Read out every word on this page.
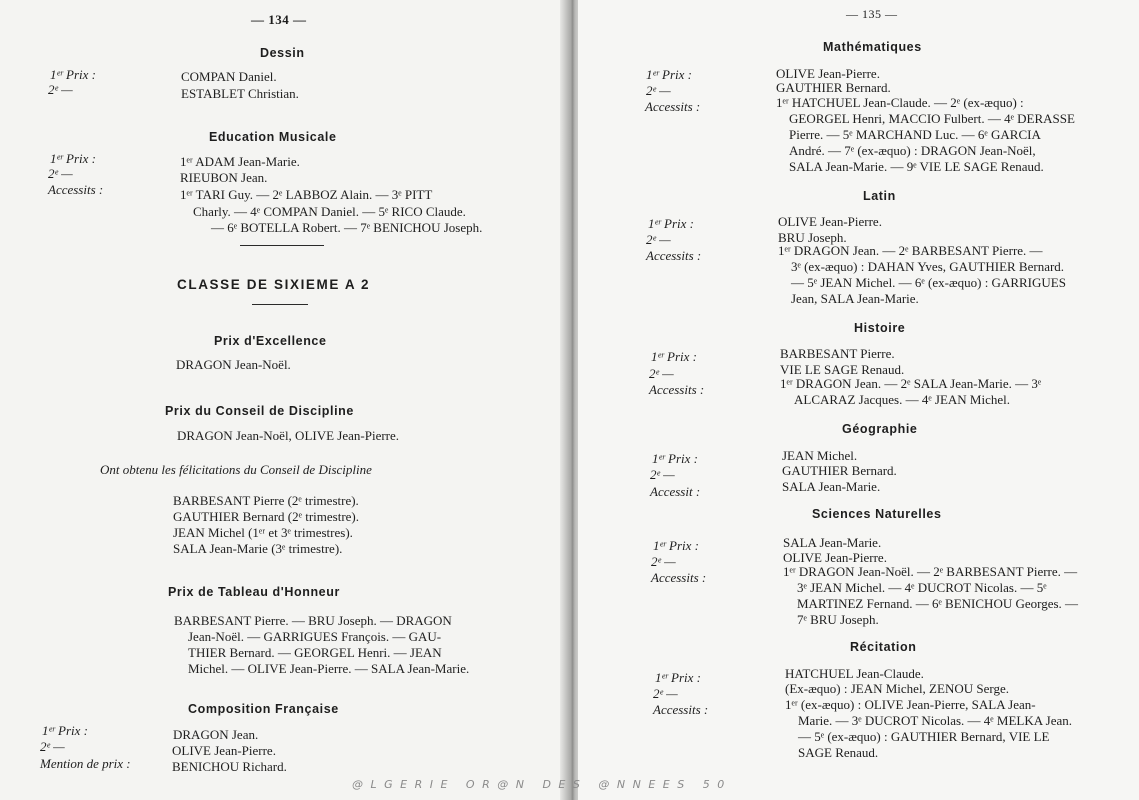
— 134 —
Dessin
1ᵉʳ Prix :	COMPAN Daniel.
2ᵉ —	ESTABLET Christian.
Education Musicale
1ᵉʳ Prix :	1ᵉʳ ADAM Jean-Marie.
2ᵉ —	RIEUBON Jean.
Accessits :	1ᵉʳ TARI Guy. — 2ᵉ LABBOZ Alain. — 3ᵉ PITT
Charly. — 4ᵉ COMPAN Daniel. — 5ᵉ RICO Claude.
— 6ᵉ BOTELLA Robert. — 7ᵉ BENICHOU Joseph.
CLASSE DE SIXIEME A 2
Prix d'Excellence
DRAGON Jean-Noël.
Prix du Conseil de Discipline
DRAGON Jean-Noël, OLIVE Jean-Pierre.
Ont obtenu les félicitations du Conseil de Discipline
BARBESANT Pierre (2ᵉ trimestre).
GAUTHIER Bernard (2ᵉ trimestre).
JEAN Michel (1ᵉʳ et 3ᵉ trimestres).
SALA Jean-Marie (3ᵉ trimestre).
Prix de Tableau d'Honneur
BARBESANT Pierre. — BRU Joseph. — DRAGON
Jean-Noël. — GARRIGUES François. — GAU-
THIER Bernard. — GEORGEL Henri. — JEAN
Michel. — OLIVE Jean-Pierre. — SALA Jean-Marie.
Composition Française
1ᵉʳ Prix :	DRAGON Jean.
2ᵉ —	OLIVE Jean-Pierre.
Mention de prix :	BENICHOU Richard.
— 135 —
Mathématiques
1ᵉʳ Prix :	OLIVE Jean-Pierre.
2ᵉ —	GAUTHIER Bernard.
Accessits :	1ᵉʳ HATCHUEL Jean-Claude. — 2ᵉ (ex-æquo) :
GEORGEL Henri, MACCIO Fulbert. — 4ᵉ DERASSE
Pierre. — 5ᵉ MARCHAND Luc. — 6ᵉ GARCIA
André. — 7ᵉ (ex-æquo) : DRAGON Jean-Noël,
SALA Jean-Marie. — 9ᵉ VIE LE SAGE Renaud.
Latin
1ᵉʳ Prix :	OLIVE Jean-Pierre.
2ᵉ —	BRU Joseph.
Accessits :	1ᵉʳ DRAGON Jean. — 2ᵉ BARBESANT Pierre. —
3ᵉ (ex-æquo) : DAHAN Yves, GAUTHIER Bernard.
— 5ᵉ JEAN Michel. — 6ᵉ (ex-æquo) : GARRIGUES
Jean, SALA Jean-Marie.
Histoire
1ᵉʳ Prix :	BARBESANT Pierre.
2ᵉ —	VIE LE SAGE Renaud.
Accessits :	1ᵉʳ DRAGON Jean. — 2ᵉ SALA Jean-Marie. — 3ᵉ
ALCARAZ Jacques. — 4ᵉ JEAN Michel.
Géographie
1ᵉʳ Prix :	JEAN Michel.
2ᵉ —	GAUTHIER Bernard.
Accessit :	SALA Jean-Marie.
Sciences Naturelles
1ᵉʳ Prix :	SALA Jean-Marie.
2ᵉ —	OLIVE Jean-Pierre.
Accessits :	1ᵉʳ DRAGON Jean-Noël. — 2ᵉ BARBESANT Pierre. —
3ᵉ JEAN Michel. — 4ᵉ DUCROT Nicolas. — 5ᵉ
MARTINEZ Fernand. — 6ᵉ BENICHOU Georges. —
7ᵉ BRU Joseph.
Récitation
1ᵉʳ Prix :	HATCHUEL Jean-Claude.
2ᵉ —	(Ex-æquo) : JEAN Michel, ZENOU Serge.
Accessits :	1ᵉʳ (ex-æquo) : OLIVE Jean-Pierre, SALA Jean-
Marie. — 3ᵉ DUCROT Nicolas. — 4ᵉ MELKA Jean.
— 5ᵉ (ex-æquo) : GAUTHIER Bernard, VIE LE
SAGE Renaud.
@LGERIE OR@N DES @NNEES 50
